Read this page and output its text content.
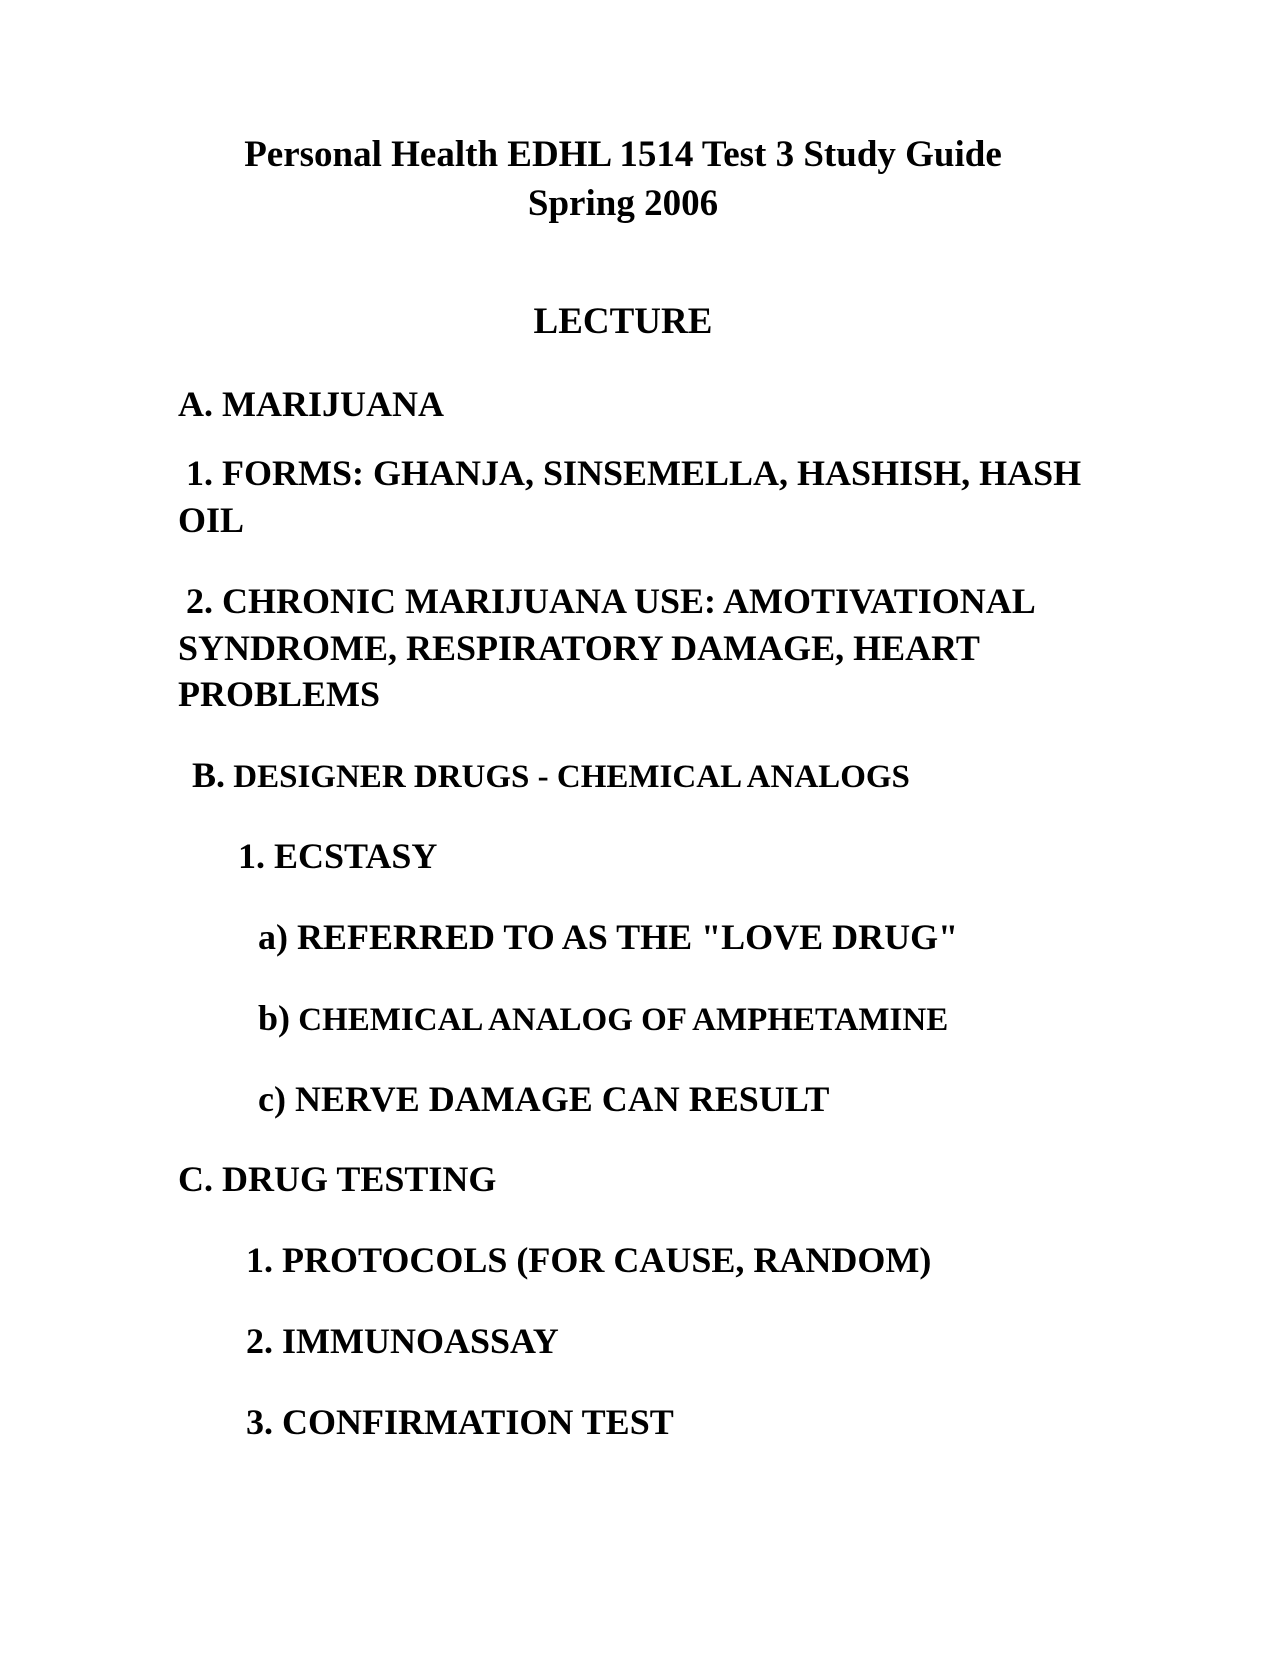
Personal Health EDHL 1514 Test 3 Study Guide
Spring 2006
LECTURE
A. MARIJUANA
1. FORMS: GHANJA, SINSEMELLA, HASHISH, HASH OIL
2. CHRONIC MARIJUANA USE: AMOTIVATIONAL SYNDROME, RESPIRATORY DAMAGE, HEART PROBLEMS
B. DESIGNER DRUGS - CHEMICAL ANALOGS
1. ECSTASY
a) REFERRED TO AS THE "LOVE DRUG"
b) CHEMICAL ANALOG OF AMPHETAMINE
c) NERVE DAMAGE CAN RESULT
C. DRUG TESTING
1. PROTOCOLS (FOR CAUSE, RANDOM)
2. IMMUNOASSAY
3. CONFIRMATION TEST
